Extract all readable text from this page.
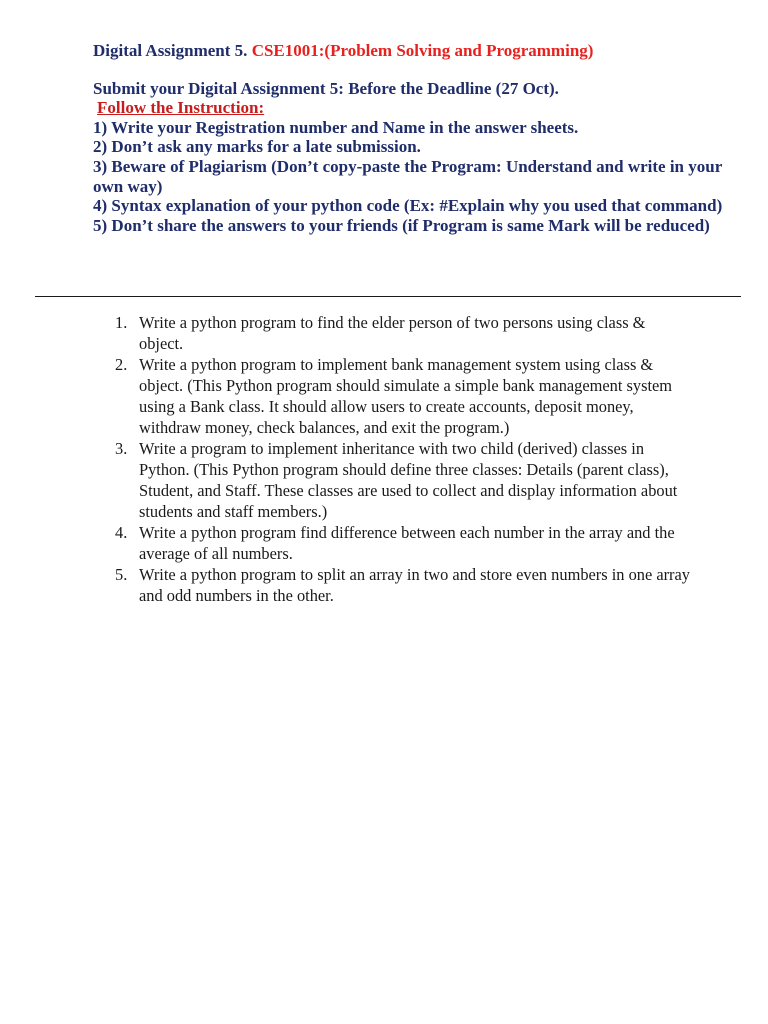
Digital Assignment 5. CSE1001:(Problem Solving and Programming)

Submit your Digital Assignment 5: Before the Deadline (27 Oct).

Follow the Instruction:

1) Write your Registration number and Name in the answer sheets.

2) Don’t ask any marks for a late submission.

3) Beware of Plagiarism (Don’t copy-paste the Program: Understand and write in your own way)

4) Syntax explanation of your python code (Ex: #Explain why you used that command)

5) Don’t share the answers to your friends (if Program is same Mark will be reduced)

1. Write a python program to find the elder person of two persons using class & object.
2. Write a python program to implement bank management system using class & object. (This Python program should simulate a simple bank management system using a Bank class. It should allow users to create accounts, deposit money, withdraw money, check balances, and exit the program.)
3. Write a program to implement inheritance with two child (derived) classes in Python. (This Python program should define three classes: Details (parent class), Student, and Staff. These classes are used to collect and display information about students and staff members.)
4. Write a python program find difference between each number in the array and the average of all numbers.
5. Write a python program to split an array in two and store even numbers in one array and odd numbers in the other.
